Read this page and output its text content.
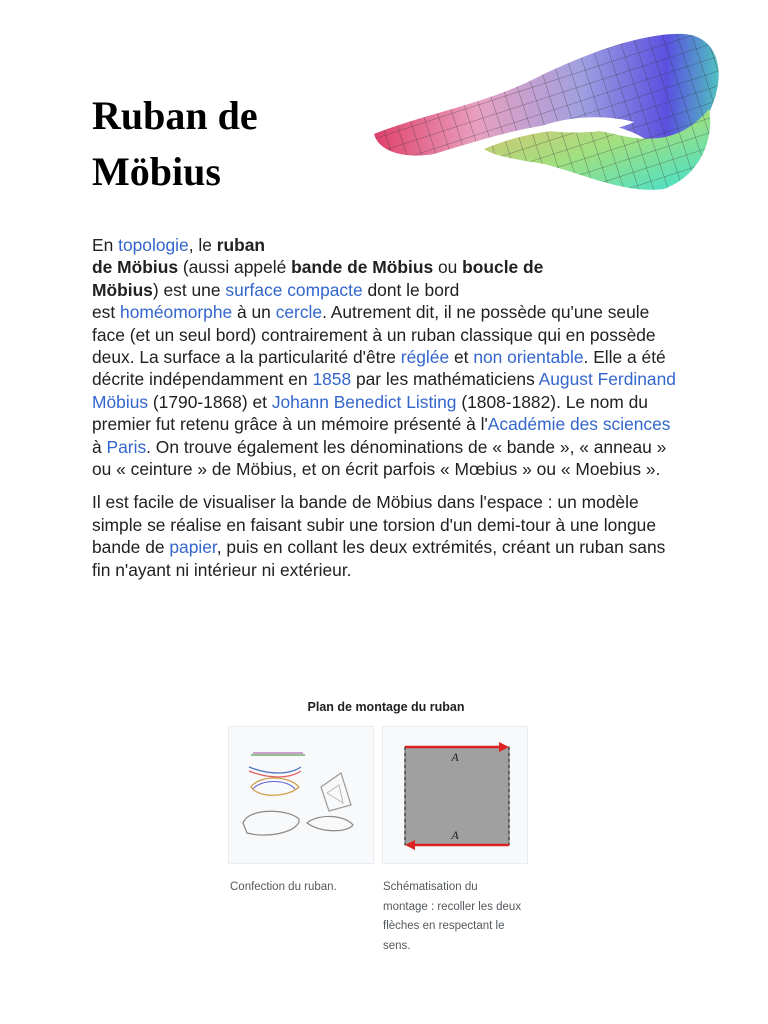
Ruban de
Möbius

En topologie, le ruban
de Möbius (aussi appelé bande de Möbius ou boucle de
Möbius) est une surface compacte dont le bord
est homéomorphe à un cercle. Autrement dit, il ne possède qu'une seule face (et un seul bord) contrairement à un ruban classique qui en possède deux. La surface a la particularité d'être réglée et non orientable. Elle a été décrite indépendamment en 1858 par les mathématiciens August Ferdinand Möbius (1790-1868) et Johann Benedict Listing (1808-1882). Le nom du premier fut retenu grâce à un mémoire présenté à l'Académie des sciences à Paris. On trouve également les dénominations de « bande », « anneau » ou « ceinture » de Möbius, et on écrit parfois « Mœbius » ou « Moebius ».

Il est facile de visualiser la bande de Möbius dans l'espace : un modèle simple se réalise en faisant subir une torsion d'un demi-tour à une longue bande de papier, puis en collant les deux extrémités, créant un ruban sans fin n'ayant ni intérieur ni extérieur.

Plan de montage du ruban
A
A
Confection du ruban.	Schématisation du montage : recoller les deux flèches en respectant le sens.
